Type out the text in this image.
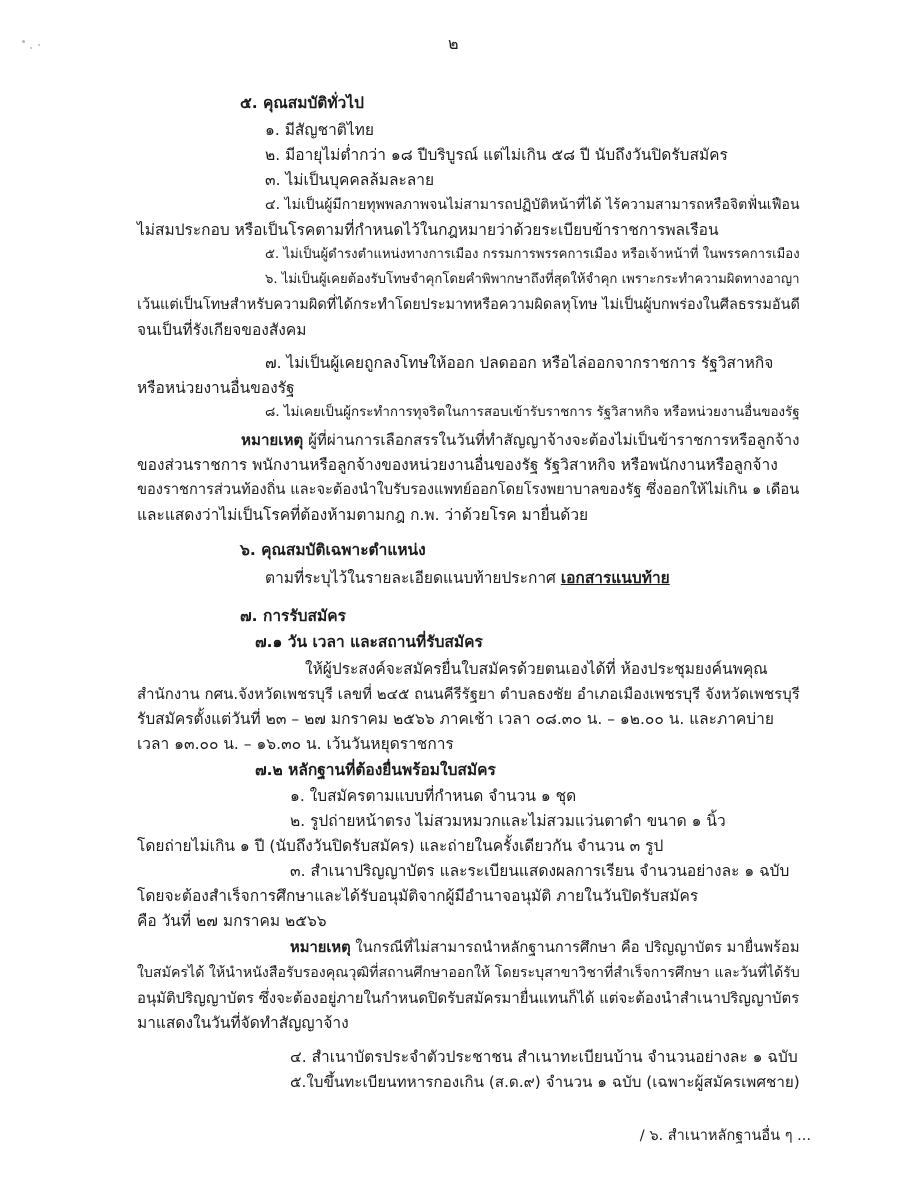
๒
๕. คุณสมบัติทั่วไป
๑. มีสัญชาติไทย
๒. มีอายุไม่ต่ำกว่า ๑๘ ปีบริบูรณ์ แต่ไม่เกิน ๕๘ ปี นับถึงวันปิดรับสมัคร
๓. ไม่เป็นบุคคลล้มละลาย
๔. ไม่เป็นผู้มีกายทุพพลภาพจนไม่สามารถปฏิบัติหน้าที่ได้ ไร้ความสามารถหรือจิตฟั่นเฟือน
ไม่สมประกอบ หรือเป็นโรคตามที่กำหนดไว้ในกฎหมายว่าด้วยระเบียบข้าราชการพลเรือน
๕. ไม่เป็นผู้ดำรงตำแหน่งทางการเมือง กรรมการพรรคการเมือง หรือเจ้าหน้าที่ ในพรรคการเมือง
๖. ไม่เป็นผู้เคยต้องรับโทษจำคุกโดยคำพิพากษาถึงที่สุดให้จำคุก เพราะกระทำความผิดทางอาญา
เว้นแต่เป็นโทษสำหรับความผิดที่ได้กระทำโดยประมาทหรือความผิดลหุโทษ ไม่เป็นผู้บกพร่องในศีลธรรมอันดี
จนเป็นที่รังเกียจของสังคม
๗. ไม่เป็นผู้เคยถูกลงโทษให้ออก ปลดออก หรือไล่ออกจากราชการ รัฐวิสาหกิจ
หรือหน่วยงานอื่นของรัฐ
๘. ไม่เคยเป็นผู้กระทำการทุจริตในการสอบเข้ารับราชการ รัฐวิสาหกิจ หรือหน่วยงานอื่นของรัฐ
หมายเหตุ ผู้ที่ผ่านการเลือกสรรในวันที่ทำสัญญาจ้างจะต้องไม่เป็นข้าราชการหรือลูกจ้าง
ของส่วนราชการ พนักงานหรือลูกจ้างของหน่วยงานอื่นของรัฐ รัฐวิสาหกิจ หรือพนักงานหรือลูกจ้าง
ของราชการส่วนท้องถิ่น และจะต้องนำใบรับรองแพทย์ออกโดยโรงพยาบาลของรัฐ ซึ่งออกให้ไม่เกิน ๑ เดือน
และแสดงว่าไม่เป็นโรคที่ต้องห้ามตามกฎ ก.พ. ว่าด้วยโรค มายื่นด้วย
๖. คุณสมบัติเฉพาะตำแหน่ง
ตามที่ระบุไว้ในรายละเอียดแนบท้ายประกาศ เอกสารแนบท้าย
๗. การรับสมัคร
๗.๑ วัน เวลา และสถานที่รับสมัคร
ให้ผู้ประสงค์จะสมัครยื่นใบสมัครด้วยตนเองได้ที่ ห้องประชุมยงค์นพคุณ
สำนักงาน กศน.จังหวัดเพชรบุรี เลขที่ ๒๔๕ ถนนคีรีรัฐยา ตำบลธงชัย อำเภอเมืองเพชรบุรี จังหวัดเพชรบุรี
รับสมัครตั้งแต่วันที่ ๒๓ – ๒๗ มกราคม ๒๕๖๖ ภาคเช้า เวลา ๐๘.๓๐ น. – ๑๒.๐๐ น. และภาคบ่าย
เวลา ๑๓.๐๐ น. – ๑๖.๓๐ น. เว้นวันหยุดราชการ
๗.๒ หลักฐานที่ต้องยื่นพร้อมใบสมัคร
๑. ใบสมัครตามแบบที่กำหนด จำนวน ๑ ชุด
๒. รูปถ่ายหน้าตรง ไม่สวมหมวกและไม่สวมแว่นตาดำ ขนาด ๑ นิ้ว
โดยถ่ายไม่เกิน ๑ ปี (นับถึงวันปิดรับสมัคร) และถ่ายในครั้งเดียวกัน จำนวน ๓ รูป
๓. สำเนาปริญญาบัตร และระเบียนแสดงผลการเรียน จำนวนอย่างละ ๑ ฉบับ
โดยจะต้องสำเร็จการศึกษาและได้รับอนุมัติจากผู้มีอำนาจอนุมัติ ภายในวันปิดรับสมัคร
คือ วันที่ ๒๗ มกราคม ๒๕๖๖
หมายเหตุ ในกรณีที่ไม่สามารถนำหลักฐานการศึกษา คือ ปริญญาบัตร มายื่นพร้อม
ใบสมัครได้ ให้นำหนังสือรับรองคุณวุฒิที่สถานศึกษาออกให้ โดยระบุสาขาวิชาที่สำเร็จการศึกษา และวันที่ได้รับ
อนุมัติปริญญาบัตร ซึ่งจะต้องอยู่ภายในกำหนดปิดรับสมัครมายื่นแทนก็ได้ แต่จะต้องนำสำเนาปริญญาบัตร
มาแสดงในวันที่จัดทำสัญญาจ้าง
๔. สำเนาบัตรประจำตัวประชาชน สำเนาทะเบียนบ้าน จำนวนอย่างละ ๑ ฉบับ
๕.ใบขึ้นทะเบียนทหารกองเกิน (ส.ด.๙) จำนวน ๑ ฉบับ (เฉพาะผู้สมัครเพศชาย)
/ ๖. สำเนาหลักฐานอื่น ๆ ...
